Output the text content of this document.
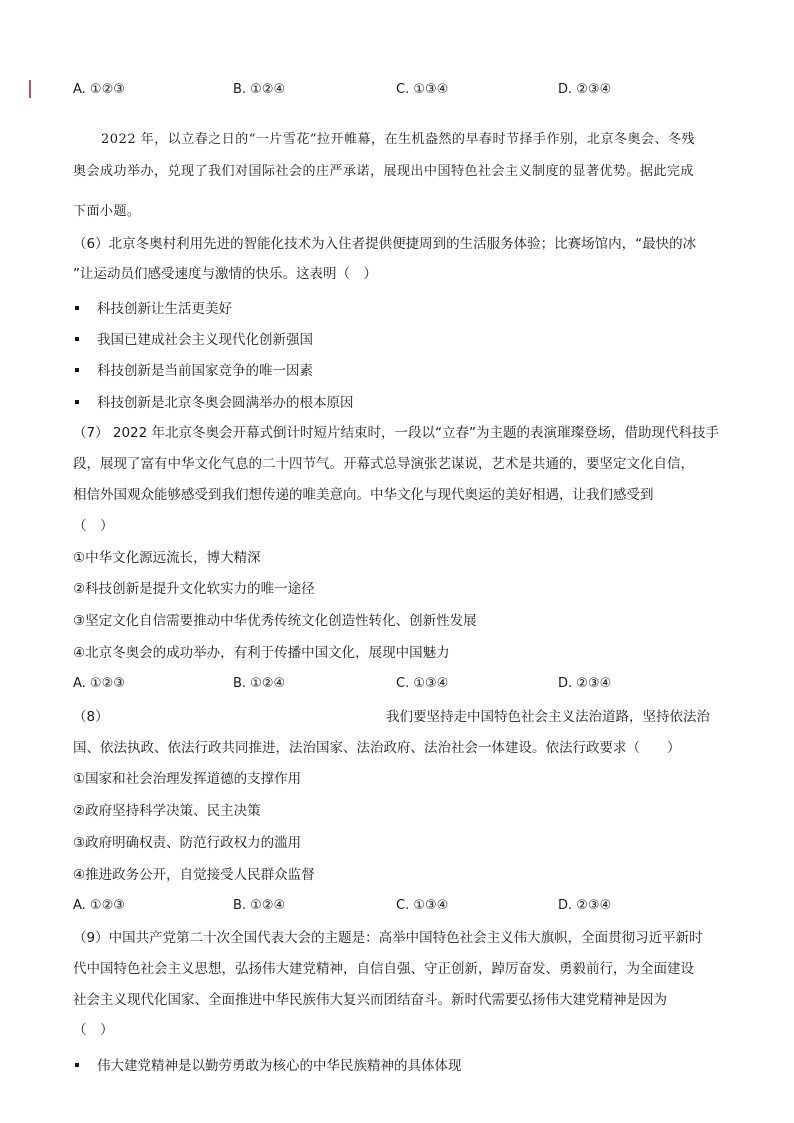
A. ①②③	B. ①②④	C. ①③④	D. ②③④
2022 年，以立春之日的“一片雪花”拉开帷幕，在生机盎然的早春时节择手作别，北京冬奥会、冬残
奥会成功举办，兑现了我们对国际社会的庄严承诺，展现出中国特色社会主义制度的显著优势。据此完成
下面小题。
（6）北京冬奥村利用先进的智能化技术为入住者提供便捷周到的生活服务体验；比赛场馆内，“最快的冰
”让运动员们感受速度与激情的快乐。这表明（　）
科技创新让生活更美好
我国已建成社会主义现代化创新强国
科技创新是当前国家竞争的唯一因素
科技创新是北京冬奥会圆满举办的根本原因
（7） 2022 年北京冬奥会开幕式倒计时短片结束时，一段以“立春”为主题的表演璀璨登场，借助现代科技手
段，展现了富有中华文化气息的二十四节气。开幕式总导演张艺谋说，艺术是共通的，要坚定文化自信，
相信外国观众能够感受到我们想传递的唯美意向。中华文化与现代奥运的美好相遇，让我们感受到
（　）
①中华文化源远流长，博大精深
②科技创新是提升文化软实力的唯一途径
③坚定文化自信需要推动中华优秀传统文化创造性转化、创新性发展
④北京冬奥会的成功举办，有利于传播中国文化，展现中国魅力
A. ①②③	B. ①②④	C. ①③④	D. ②③④
（8）	我们要坚持走中国特色社会主义法治道路，坚持依法治
国、依法执政、依法行政共同推进，法治国家、法治政府、法治社会一体建设。依法行政要求（　　）
①国家和社会治理发挥道德的支撑作用
②政府坚持科学决策、民主决策
③政府明确权责、防范行政权力的滥用
④推进政务公开，自觉接受人民群众监督
A. ①②③	B. ①②④	C. ①③④	D. ②③④
（9）中国共产党第二十次全国代表大会的主题是：高举中国特色社会主义伟大旗帜，全面贯彻习近平新时
代中国特色社会主义思想，弘扬伟大建党精神，自信自强、守正创新，踔厉奋发、勇毅前行，为全面建设
社会主义现代化国家、全面推进中华民族伟大复兴而团结奋斗。新时代需要弘扬伟大建党精神是因为
（　）
伟大建党精神是以勤劳勇敢为核心的中华民族精神的具体体现
